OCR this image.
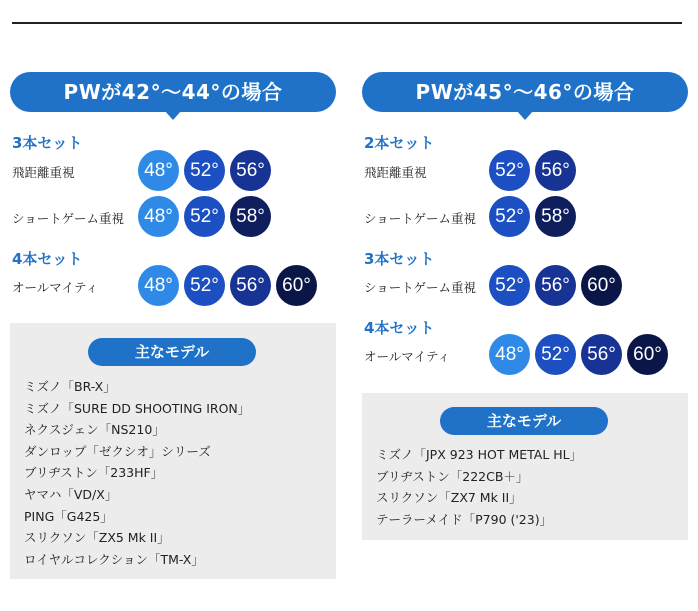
PWが42°～44°の場合
3本セット
飛距離重視	48° 52° 56°
ショートゲーム重視	48° 52° 58°
4本セット
オールマイティ	48° 52° 56° 60°
主なモデル
ミズノ「BR-X」
ミズノ「SURE DD SHOOTING IRON」
ネクスジェン「NS210」
ダンロップ「ゼクシオ」シリーズ
ブリヂストン「233HF」
ヤマハ「VD/X」
PING「G425」
スリクソン「ZX5 Mk II」
ロイヤルコレクション「TM-X」
PWが45°～46°の場合
2本セット
飛距離重視	52° 56°
ショートゲーム重視	52° 58°
3本セット
ショートゲーム重視	52° 56° 60°
4本セット
オールマイティ	48° 52° 56° 60°
主なモデル
ミズノ「JPX 923 HOT METAL HL」
ブリヂストン「222CB＋」
スリクソン「ZX7 Mk II」
テーラーメイド「P790 ('23)」
